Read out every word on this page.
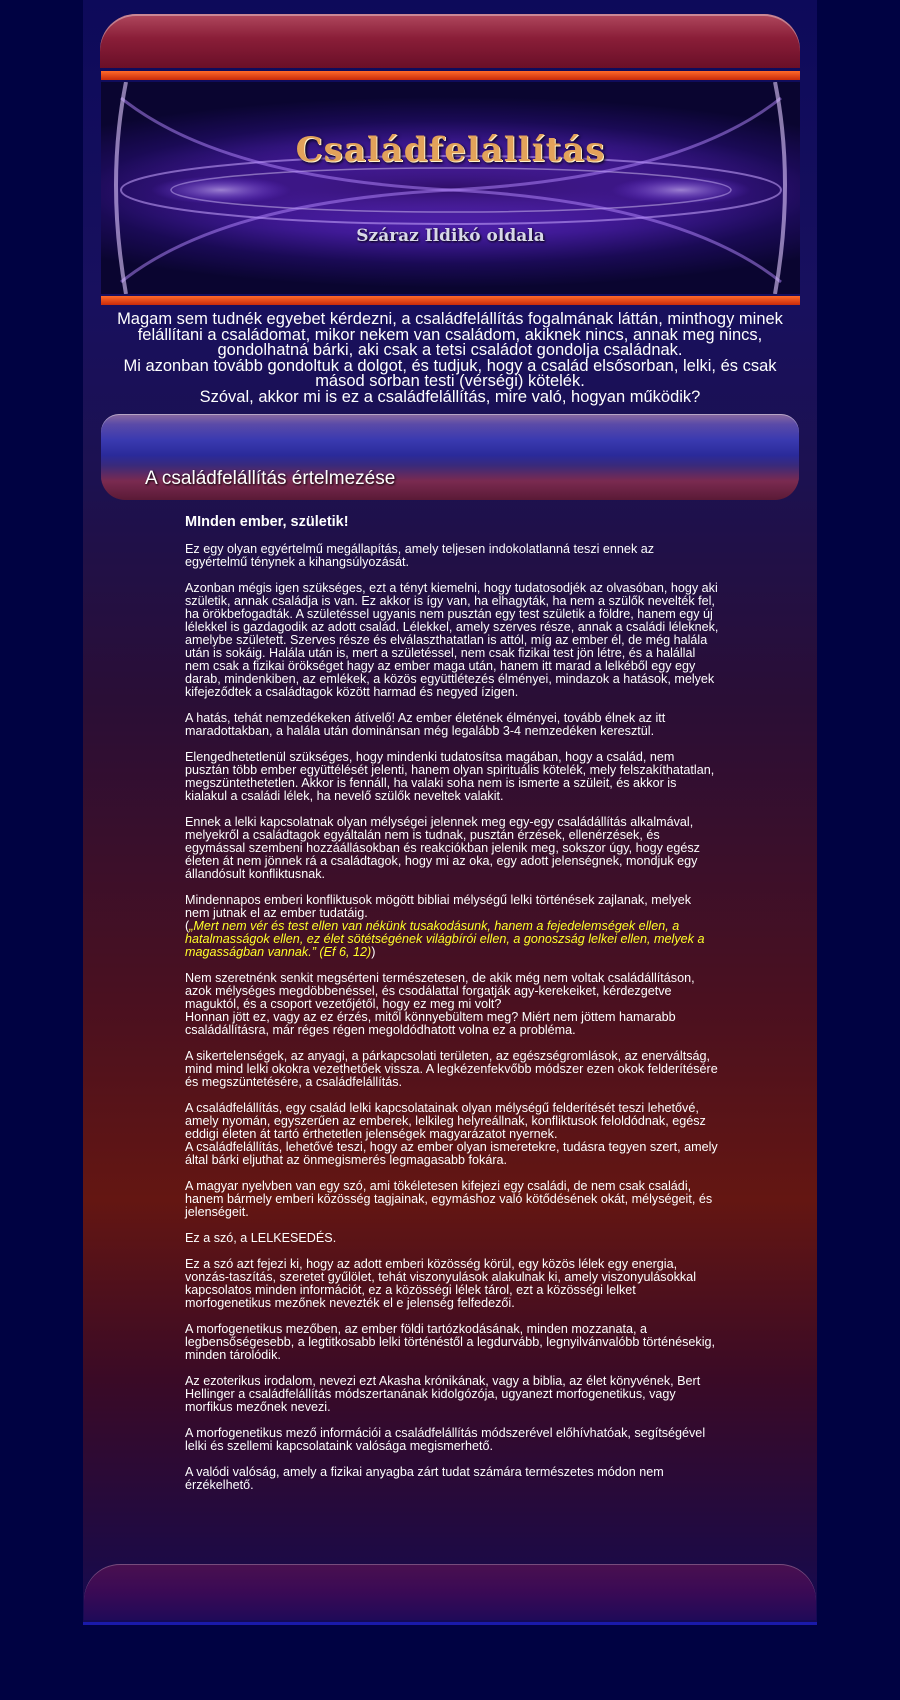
Családfelállítás
Száraz Ildikó oldala

Magam sem tudnék egyebet kérdezni, a családfelállítás fogalmának láttán, minthogy minek felállítani a családomat, mikor nekem van családom, akiknek nincs, annak meg nincs, gondolhatná bárki, aki csak a tetsi családot gondolja családnak.

Mi azonban tovább gondoltuk a dolgot, és tudjuk, hogy a család elsősorban, lelki, és csak másod sorban testi (vérségi) kötelék.

Szóval, akkor mi is ez a családfelállítás, mire való, hogyan működik?

A családfelállítás értelmezése
MInden ember, születik!

Ez egy olyan egyértelmű megállapítás, amely teljesen indokolatlanná teszi ennek az egyértelmű ténynek a kihangsúlyozását.

Azonban mégis igen szükséges, ezt a tényt kiemelni, hogy tudatosodjék az olvasóban, hogy aki születik, annak családja is van. Ez akkor is így van, ha elhagyták, ha nem a szülők nevelték fel, ha örökbefogadták. A születéssel ugyanis nem pusztán egy test születik a földre, hanem egy új lélekkel is gazdagodik az adott család. Lélekkel, amely szerves része, annak a családi léleknek, amelybe született. Szerves része és elválaszthatatlan is attól, míg az ember él, de még halála után is sokáig. Halála után is, mert a születéssel, nem csak fizikai test jön létre, és a halállal nem csak a fizikai örökséget hagy az ember maga után, hanem itt marad a lelkéből egy egy darab, mindenkiben, az emlékek, a közös együttlétezés élményei, mindazok a hatások, melyek kifejeződtek a családtagok között harmad és negyed ízigen.

A hatás, tehát nemzedékeken átívelő! Az ember életének élményei, tovább élnek az itt maradottakban, a halála után dominánsan még legalább 3-4 nemzedéken keresztül.

Elengedhetetlenül szükséges, hogy mindenki tudatosítsa magában, hogy a család, nem pusztán több ember együttélését jelenti, hanem olyan spirituális kötelék, mely felszakíthatatlan, megszüntethetetlen. Akkor is fennáll, ha valaki soha nem is ismerte a szüleit, és akkor is kialakul a családi lélek, ha nevelő szülők neveltek valakit.

Ennek a lelki kapcsolatnak olyan mélységei jelennek meg egy-egy családállítás alkalmával, melyekről a családtagok egyáltalán nem is tudnak, pusztán érzések, ellenérzések, és egymással szembeni hozzáállásokban és reakciókban jelenik meg, sokszor úgy, hogy egész életen át nem jönnek rá a családtagok, hogy mi az oka, egy adott jelenségnek, mondjuk egy állandósult konfliktusnak.

Mindennapos emberi konfliktusok mögött bibliai mélységű lelki történések zajlanak, melyek nem jutnak el az ember tudatáig.
(„Mert nem vér és test ellen van nékünk tusakodásunk, hanem a fejedelemségek ellen, a hatalmasságok ellen, ez élet sötétségének világbírói ellen, a gonoszság lelkei ellen, melyek a magasságban vannak.” (Ef 6, 12))

Nem szeretnénk senkit megsérteni természetesen, de akik még nem voltak családállításon, azok mélységes megdöbbenéssel, és csodálattal forgatják agy-kerekeiket, kérdezgetve maguktól, és a csoport vezetőjétől, hogy ez meg mi volt?
Honnan jött ez, vagy az ez érzés, mitől könnyebültem meg? Miért nem jöttem hamarabb családállításra, már réges régen megoldódhatott volna ez a probléma.

A sikertelenségek, az anyagi, a párkapcsolati területen, az egészségromlások, az enerváltság, mind mind lelki okokra vezethetőek vissza. A legkézenfekvőbb módszer ezen okok felderítésére és megszüntetésére, a családfelállítás.

A családfelállítás, egy család lelki kapcsolatainak olyan mélységű felderítését teszi lehetővé, amely nyomán, egyszerűen az emberek, lelkileg helyreállnak, konfliktusok feloldódnak, egész eddigi életen át tartó érthetetlen jelenségek magyarázatot nyernek.
A családfelállítás, lehetővé teszi, hogy az ember olyan ismeretekre, tudásra tegyen szert, amely által bárki eljuthat az önmegismerés legmagasabb fokára.

A magyar nyelvben van egy szó, ami tökéletesen kifejezi egy családi, de nem csak családi, hanem bármely emberi közösség tagjainak, egymáshoz való kötődésének okát, mélységeit, és jelenségeit.

Ez a szó, a LELKESEDÉS.

Ez a szó azt fejezi ki, hogy az adott emberi közösség körül, egy közös lélek egy energia, vonzás-taszítás, szeretet gyűlölet, tehát viszonyulások alakulnak ki, amely viszonyulásokkal kapcsolatos minden információt, ez a közösségi lélek tárol, ezt a közösségi lelket morfogenetikus mezőnek nevezték el e jelenség felfedezői.

A morfogenetikus mezőben, az ember földi tartózkodásának, minden mozzanata, a legbensőségesebb, a legtitkosabb lelki történéstől a legdurvább, legnyilvánvalóbb történésekig, minden tárolódik.

Az ezoterikus irodalom, nevezi ezt Akasha krónikának, vagy a biblia, az élet könyvének, Bert Hellinger a családfelállítás módszertanának kidolgózója, ugyanezt morfogenetikus, vagy morfikus mezőnek nevezi.

A morfogenetikus mező információi a családfelállítás módszerével előhívhatóak, segítségével lelki és szellemi kapcsolataink valósága megismerhető.

A valódi valóság, amely a fizikai anyagba zárt tudat számára természetes módon nem érzékelhető.
